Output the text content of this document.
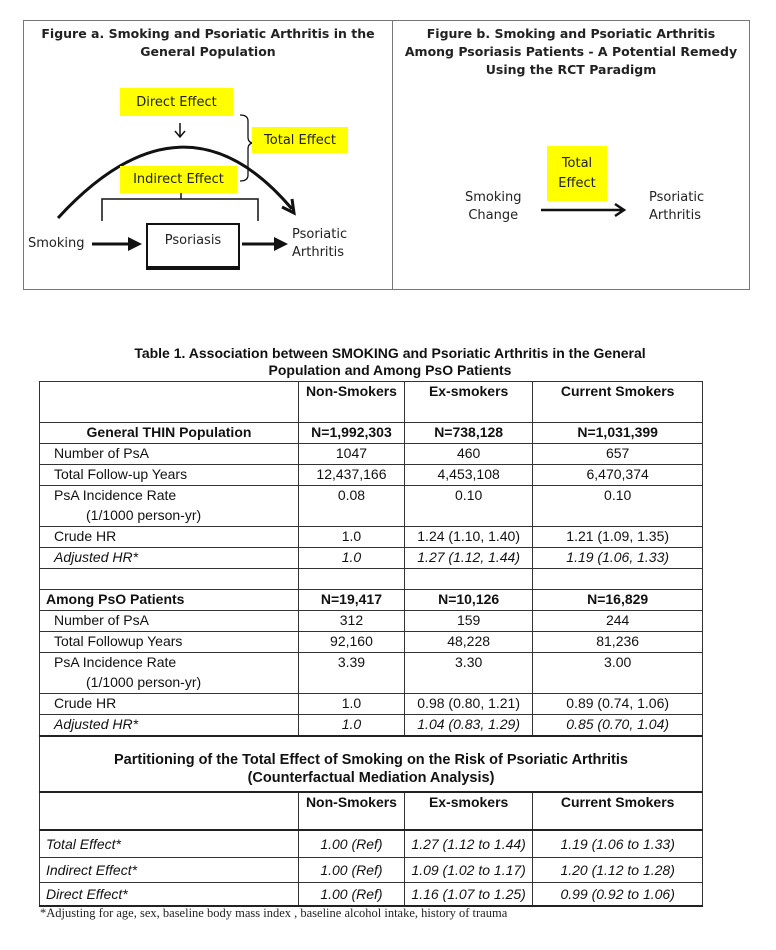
Figure a. Smoking and Psoriatic Arthritis in the
General Population
Direct Effect
Total Effect
Indirect Effect
Smoking	Psoriasis	Psoriatic
Arthritis
Figure b. Smoking and Psoriatic Arthritis
Among Psoriasis Patients - A Potential Remedy
Using the RCT Paradigm
Total
Effect
Smoking
Change
Psoriatic
Arthritis
Table 1. Association between SMOKING and Psoriatic Arthritis in the General
Population and Among PsO Patients
	Non-Smokers	Ex-smokers	Current Smokers
General THIN Population	N=1,992,303	N=738,128	N=1,031,399
Number of PsA	1047	460	657
Total Follow-up Years	12,437,166	4,453,108	6,470,374
PsA Incidence Rate	0.08	0.10	0.10
(1/1000 person-yr)			
Crude HR	1.0	1.24 (1.10, 1.40)	1.21 (1.09, 1.35)
Adjusted HR*	1.0	1.27 (1.12, 1.44)	1.19 (1.06, 1.33)

Among PsO Patients	N=19,417	N=10,126	N=16,829
Number of PsA	312	159	244
Total Followup Years	92,160	48,228	81,236
PsA Incidence Rate	3.39	3.30	3.00
(1/1000 person-yr)			
Crude HR	1.0	0.98 (0.80, 1.21)	0.89 (0.74, 1.06)
Adjusted HR*	1.0	1.04 (0.83, 1.29)	0.85 (0.70, 1.04)

Partitioning of the Total Effect of Smoking on the Risk of Psoriatic Arthritis
(Counterfactual Mediation Analysis)			

	Non-Smokers	Ex-smokers	Current Smokers
Total Effect*	1.00 (Ref)	1.27 (1.12 to 1.44)	1.19 (1.06 to 1.33)
Indirect Effect*	1.00 (Ref)	1.09 (1.02 to 1.17)	1.20 (1.12 to 1.28)
Direct Effect*	1.00 (Ref)	1.16 (1.07 to 1.25)	0.99 (0.92 to 1.06)
*Adjusting for age, sex, baseline body mass index , baseline alcohol intake, history of trauma
